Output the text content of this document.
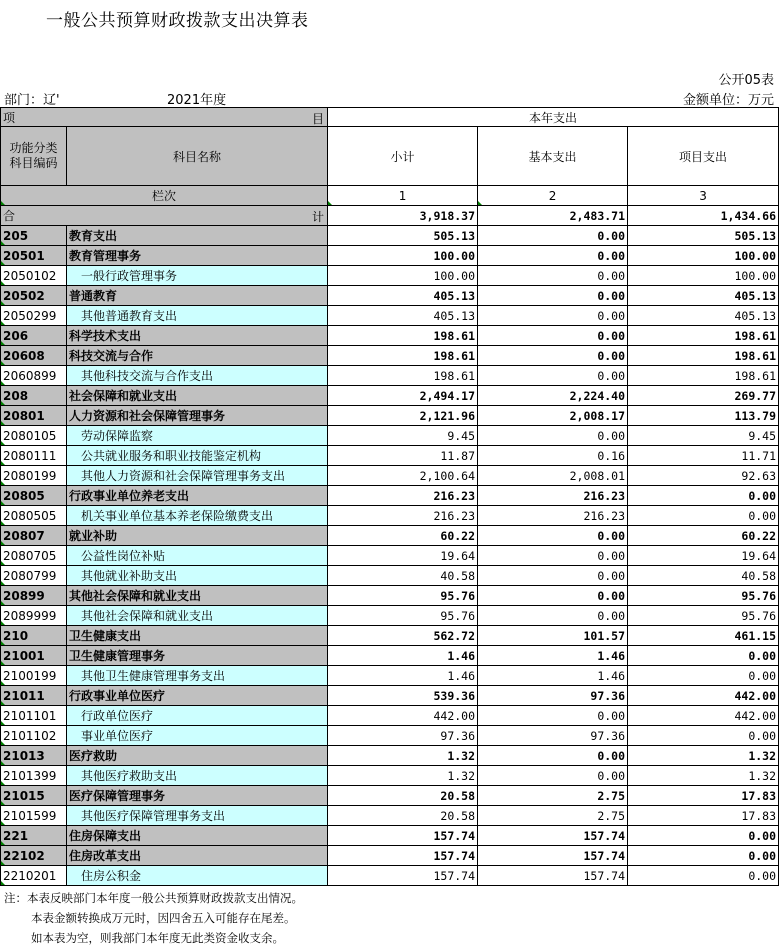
一般公共预算财政拨款支出决算表
公开05表
部门：辽'	2021年度	金额单位：万元
项 目		本年支出		
功能分类科目编码	科目名称	小计	基本支出	项目支出
栏次		1	2	3
合 计		3,918.37	2,483.71	1,434.66
205	教育支出	505.13	0.00	505.13
20501	教育管理事务	100.00	0.00	100.00
2050102	一般行政管理事务	100.00	0.00	100.00
20502	普通教育	405.13	0.00	405.13
2050299	其他普通教育支出	405.13	0.00	405.13
206	科学技术支出	198.61	0.00	198.61
20608	科技交流与合作	198.61	0.00	198.61
2060899	其他科技交流与合作支出	198.61	0.00	198.61
208	社会保障和就业支出	2,494.17	2,224.40	269.77
20801	人力资源和社会保障管理事务	2,121.96	2,008.17	113.79
2080105	劳动保障监察	9.45	0.00	9.45
2080111	公共就业服务和职业技能鉴定机构	11.87	0.16	11.71
2080199	其他人力资源和社会保障管理事务支出	2,100.64	2,008.01	92.63
20805	行政事业单位养老支出	216.23	216.23	0.00
2080505	机关事业单位基本养老保险缴费支出	216.23	216.23	0.00
20807	就业补助	60.22	0.00	60.22
2080705	公益性岗位补贴	19.64	0.00	19.64
2080799	其他就业补助支出	40.58	0.00	40.58
20899	其他社会保障和就业支出	95.76	0.00	95.76
2089999	其他社会保障和就业支出	95.76	0.00	95.76
210	卫生健康支出	562.72	101.57	461.15
21001	卫生健康管理事务	1.46	1.46	0.00
2100199	其他卫生健康管理事务支出	1.46	1.46	0.00
21011	行政事业单位医疗	539.36	97.36	442.00
2101101	行政单位医疗	442.00	0.00	442.00
2101102	事业单位医疗	97.36	97.36	0.00
21013	医疗救助	1.32	0.00	1.32
2101399	其他医疗救助支出	1.32	0.00	1.32
21015	医疗保障管理事务	20.58	2.75	17.83
2101599	其他医疗保障管理事务支出	20.58	2.75	17.83
221	住房保障支出	157.74	157.74	0.00
22102	住房改革支出	157.74	157.74	0.00
2210201	住房公积金	157.74	157.74	0.00
注：本表反映部门本年度一般公共预算财政拨款支出情况。
本表金额转换成万元时，因四舍五入可能存在尾差。
如本表为空，则我部门本年度无此类资金收支余。
